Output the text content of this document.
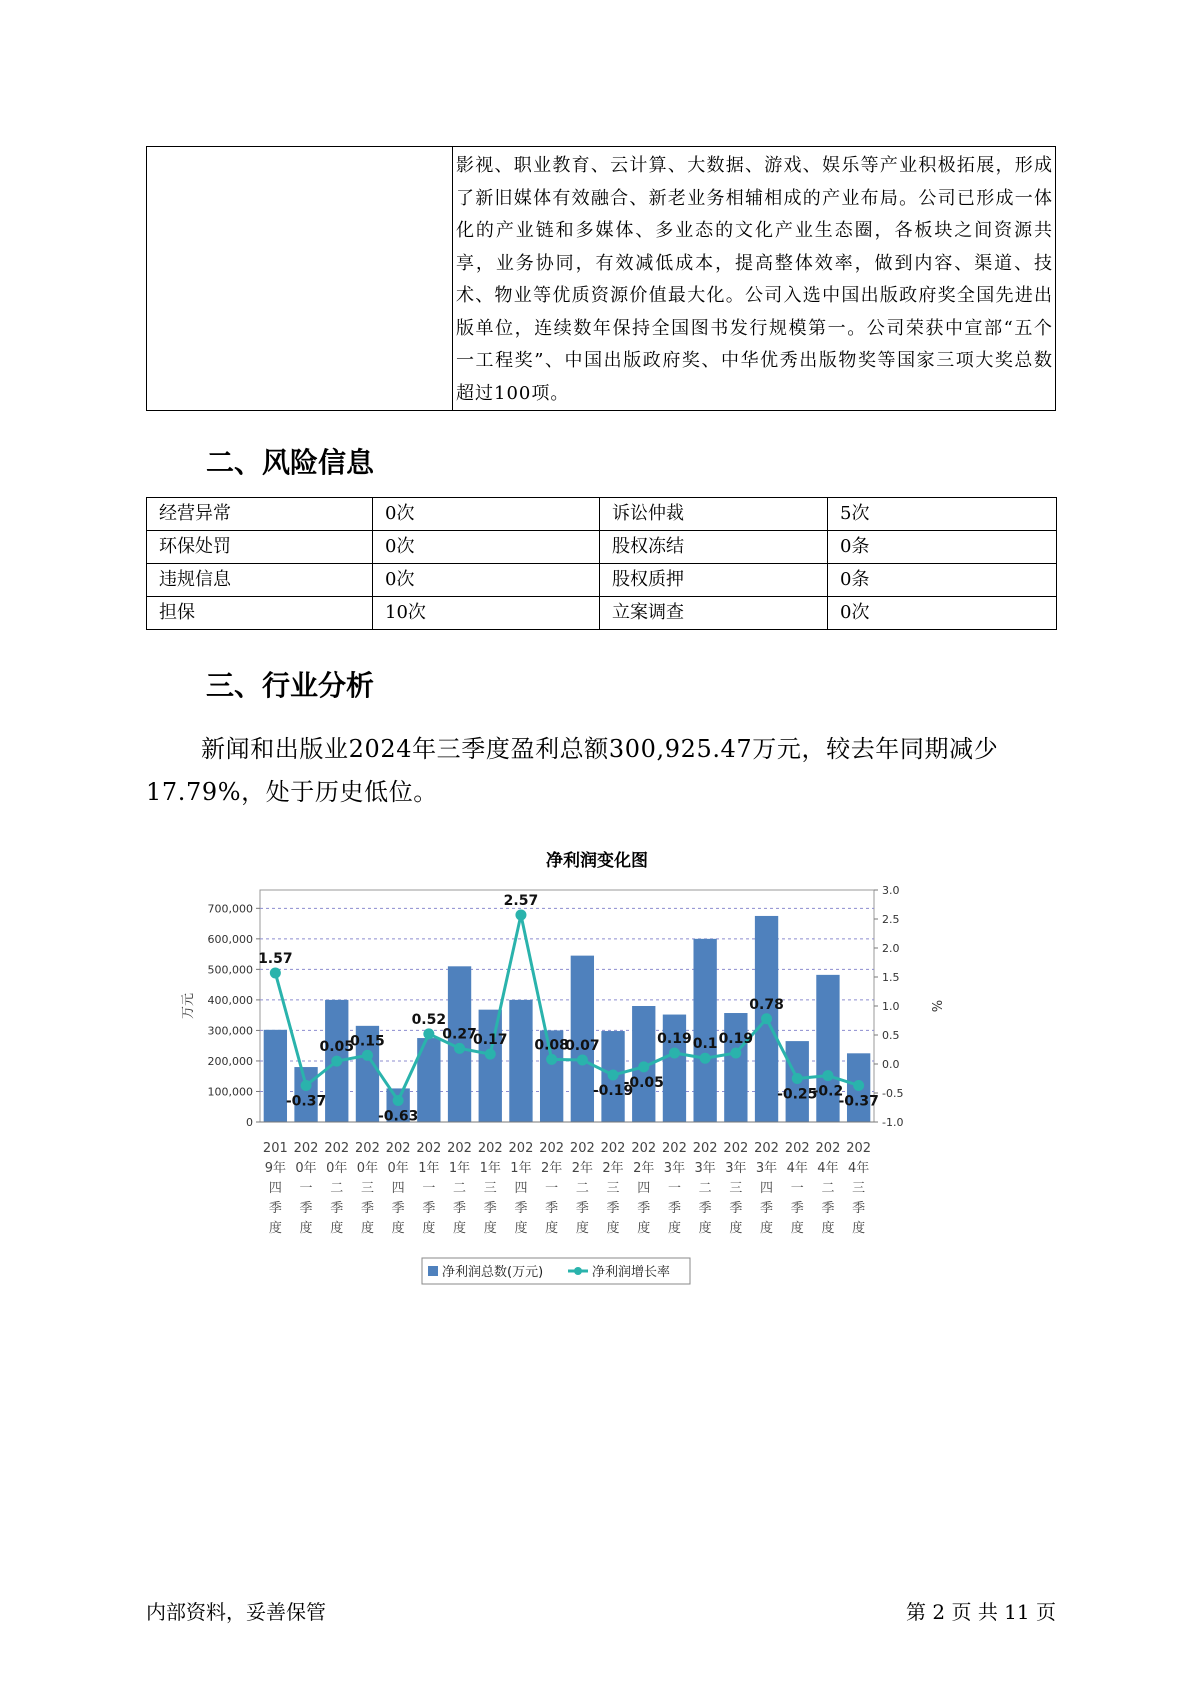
影视、职业教育、云计算、大数据、游戏、娱乐等产业积极拓展，形成了新旧媒体有效融合、新老业务相辅相成的产业布局。公司已形成一体化的产业链和多媒体、多业态的文化产业生态圈，各板块之间资源共享，业务协同，有效减低成本，提高整体效率，做到内容、渠道、技术、物业等优质资源价值最大化。公司入选中国出版政府奖全国先进出版单位，连续数年保持全国图书发行规模第一。公司荣获中宣部“五个一工程奖”、中国出版政府奖、中华优秀出版物奖等国家三项大奖总数超过100项。
二、风险信息
经营异常	0次	诉讼仲裁	5次
环保处罚	0次	股权冻结	0条
违规信息	0次	股权质押	0条
担保	10次	立案调查	0次
三、行业分析

新闻和出版业2024年三季度盈利总额300,925.47万元，较去年同期减少17.79%，处于历史低位。

净利润变化图
1.57
-0.37
0.05
0.15
-0.63
0.52
0.27
0.17
2.57
0.08
0.07
-0.19
-0.05
0.19 0.1 0.19
0.78
-0.25
-0.2
-0.37
0
100,000
200,000
300,000
400,000
500,000
600,000
700,000
-1.0
-0.5
0.0
0.5
1.0
1.5
2.0
2.5
3.0
万元	%
201
9年
四
季
度
202
0年
一
季
度
202
0年
二
季
度
202
0年
三
季
度
202
0年
四
季
度
202
1年
一
季
度
202
1年
二
季
度
202
1年
三
季
度
202
1年
四
季
度
202
2年
一
季
度
202
2年
二
季
度
202
2年
三
季
度
202
2年
四
季
度
202
3年
一
季
度
202
3年
二
季
度
202
3年
三
季
度
202
3年
四
季
度
202
4年
一
季
度
202
4年
二
季
度
202
4年
三
季
度
净利润总数(万元)	净利润增长率
内部资料，妥善保管	第 2 页 共 11 页
